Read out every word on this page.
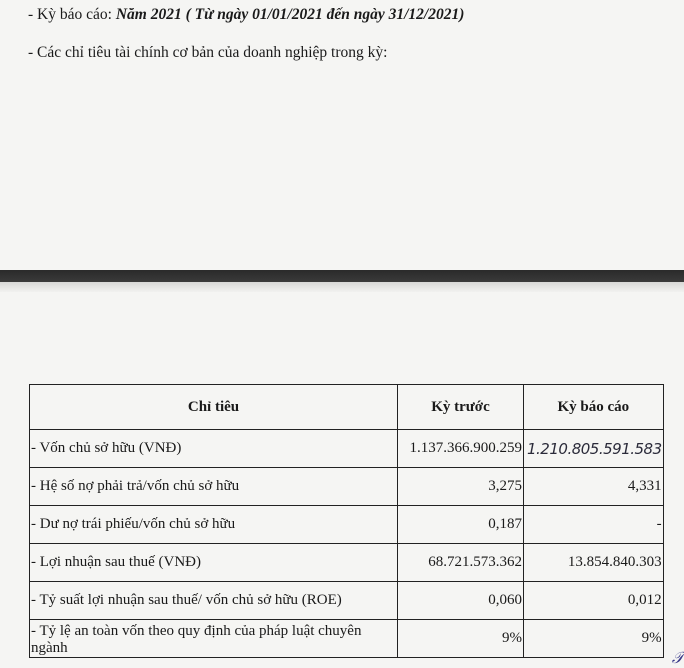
- Kỳ báo cáo: Năm 2021 ( Từ ngày 01/01/2021 đến ngày 31/12/2021)
- Các chỉ tiêu tài chính cơ bản của doanh nghiệp trong kỳ:
Chỉ tiêu	Kỳ trước	Kỳ báo cáo
- Vốn chủ sở hữu (VNĐ)	1.137.366.900.259	1.210.805.591.583
- Hệ số nợ phải trả/vốn chủ sở hữu	3,275	4,331
- Dư nợ trái phiếu/vốn chủ sở hữu	0,187	-
- Lợi nhuận sau thuế (VNĐ)	68.721.573.362	13.854.840.303
- Tỷ suất lợi nhuận sau thuế/ vốn chủ sở hữu (ROE)	0,060	0,012
- Tỷ lệ an toàn vốn theo quy định của pháp luật chuyên ngành	9%	9%
𝒯
